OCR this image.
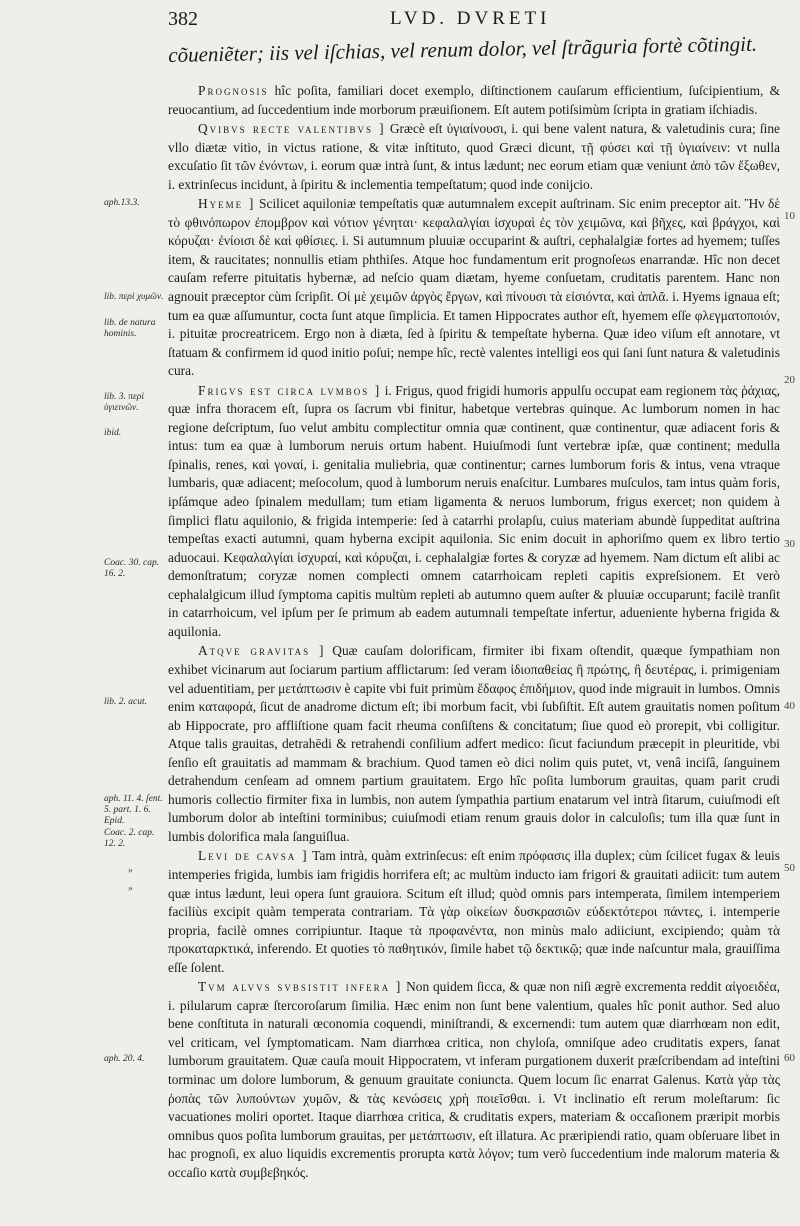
382	LVD. DVRETI
cõueniẽter; iis vel iſchias, vel renum dolor, vel ſtrãguria fortè cõtingit.

Prognosis hîc poſita, familiari docet exemplo, diſtinctionem cauſarum efficientium, ſuſcipientium, & reuocantium, ad ſuccedentium inde morborum præuiſionem. Eſt autem potiſsimùm ſcripta in gratiam iſchiadis.

Qvibvs recte valentibvs ] Græcè eſt ὑγιαίνουσι, i. qui bene valent natura, & valetudinis cura; ſine vllo diætæ vitio, in victus ratione, & vitæ inſtituto, quod Græci dicunt, τῇ φύσει καὶ τῇ ὑγιαίνειν: vt nulla excuſatio ſit τῶν ἐνόντων, i. eorum quæ intrà ſunt, & intus lædunt; nec eorum etiam quæ veniunt ἀπὸ τῶν ἔξωθεν, i. extrinſecus incidunt, à ſpiritu & inclementia tempeſtatum; quod inde conijcio.

Hyeme ] Scilicet aquiloniæ tempeſtatis quæ autumnalem excepit auſtrinam. Sic enim preceptor ait. Ἢν δὲ τὸ φθινόπωρον ἐπομβρον καὶ νότιον γένηται· κεφαλαλγίαι ἰσχυραὶ ἐς τὸν χειμῶνα, καὶ βῆχες, καὶ βράγχοι, καὶ κόρυζαι· ἐνίοισι δὲ καὶ φθίσιες. i. Si autumnum pluuiæ occuparint & auſtri, cephalalgiæ fortes ad hyemem; tuſſes item, & raucitates; nonnullis etiam phthiſes. Atque hoc fundamentum erit prognoſeωs enarrandæ. Hîc non decet cauſam referre pituitatis hybernæ, ad neſcio quam diætam, hyeme conſuetam, cruditatis parentem. Hanc non agnouit præceptor cùm ſcripſit. Οἱ μὲ χειμῶν ἀργὸς ἔργων, καὶ πίνουσι τὰ εἰσιόντα, καὶ ἁπλᾶ. i. Hyems ignaua eſt; tum ea quæ aſſumuntur, cocta ſunt atque ſimplicia. Et tamen Hippocrates author eſt, hyemem eſſe φλεγματοποιόν, i. pituitæ procreatricem. Ergo non à diæta, ſed à ſpiritu & tempeſtate hyberna. Quæ ideo viſum eſt annotare, vt ſtatuam & confirmem id quod initio poſui; nempe hîc, rectè valentes intelligi eos qui ſani ſunt natura & valetudinis cura.

Frigvs est circa lvmbos ] i. Frigus, quod frigidi humoris appulſu occupat eam regionem τὰς ῥάχιας, quæ infra thoracem eſt, ſupra os ſacrum vbi finitur, habetque vertebras quinque. Ac lumborum nomen in hac regione deſcriptum, ſuo velut ambitu complectitur omnia quæ continent, quæ continentur, quæ adiacent foris & intus: tum ea quæ à lumborum neruis ortum habent. Huiuſmodi ſunt vertebræ ipſæ, quæ continent; medulla ſpinalis, renes, καὶ γοναί, i. genitalia muliebria, quæ continentur; carnes lumborum foris & intus, vena vtraque lumbaris, quæ adiacent; meſocolum, quod à lumborum neruis enaſcitur. Lumbares muſculos, tam intus quàm foris, ipſámque adeo ſpinalem medullam; tum etiam ligamenta & neruos lumborum, frigus exercet; non quidem à ſimplici flatu aquilonio, & frigida intemperie: ſed à catarrhi prolapſu, cuius materiam abundè ſuppeditat auſtrina tempeſtas exacti autumni, quam hyberna excipit aquilonia. Sic enim docuit in aphoriſmo quem ex libro tertio aduocaui. Κεφαλαλγίαι ἰσχυραί, καὶ κόρυζαι, i. cephalalgiæ fortes & coryzæ ad hyemem. Nam dictum eſt alibi ac demonſtratum; coryzæ nomen complecti omnem catarrhoicam repleti capitis expreſsionem. Et verò cephalalgicum illud ſymptoma capitis multùm repleti ab autumno quem auſter & pluuiæ occuparunt; facilè tranſit in catarrhoicum, vel ipſum per ſe primum ab eadem autumnali tempeſtate infertur, adueniente hyberna frigida & aquilonia.

Atqve gravitas ] Quæ cauſam dolorificam, firmiter ibi fixam oſtendit, quæque ſympathiam non exhibet vicinarum aut ſociarum partium afflictarum: ſed veram ἰδιοπαθείας ἢ πρώτης, ἢ δευτέρας, i. primigeniam vel aduentitiam, per μετάπτωσιν è capite vbi fuit primùm ἔδαφος ἐπιδήμιον, quod inde migrauit in lumbos. Omnis enim καταφορά, ſicut de anadrome dictum eſt; ibi morbum facit, vbi ſubſiſtit. Eſt autem grauitatis nomen poſitum ab Hippocrate, pro affliſtione quam facit rheuma conſiſtens & concitatum; ſiue quod eò prorepit, vbi colligitur. Atque talis grauitas, detrahēdi & retrahendi conſilium adfert medico: ſicut faciundum præcepit in pleuritide, vbi ſenſio eſt grauitatis ad mammam & brachium. Quod tamen eò dici nolim quis putet, vt, venâ inciſâ, ſanguinem detrahendum cenſeam ad omnem partium grauitatem. Ergo hîc poſita lumborum grauitas, quam parit crudi humoris collectio firmiter fixa in lumbis, non autem ſympathia partium enatarum vel intrà ſitarum, cuiuſmodi eſt lumborum dolor ab inteſtini torminibus; cuiuſmodi etiam renum grauis dolor in calculoſis; tum illa quæ ſunt in lumbis dolorifica mala ſanguiſlua.

Levi de cavsa ] Tam intrà, quàm extrinſecus: eſt enim πρόφασις illa duplex; cùm ſcilicet fugax & leuis intemperies frigida, lumbis iam frigidis horrifera eſt; ac multùm inducto iam frigori & grauitati adiicit: tum autem quæ intus lædunt, leui opera ſunt grauiora. Scitum eſt illud; quòd omnis pars intemperata, ſimilem intemperiem faciliùs excipit quàm temperata contrariam. Τὰ γὰρ οἰκείων δυσκρασιῶν εὐδεκτότεροι πάντες, i. intemperie propria, facilè omnes corripiuntur. Itaque τὰ προφανέντα, non minùs malo adiiciunt, excipiendo; quàm τὰ προκαταρκτικά, inferendo. Et quoties τὸ παθητικόν, ſimile habet τῷ δεκτικῷ; quæ inde naſcuntur mala, grauiſſima eſſe ſolent.

Tvm alvvs svbsistit infera ] Non quidem ſicca, & quæ non niſi ægrè excrementa reddit αἰγοειδέα, i. pilularum capræ ſtercoroſarum ſimilia. Hæc enim non ſunt bene valentium, quales hîc ponit author. Sed aluo bene conſtituta in naturali œconomia coquendi, miniſtrandi, & excernendi: tum autem quæ diarrhœam non edit, vel criticam, vel ſymptomaticam. Nam diarrhœa critica, non chyloſa, omniſque adeo cruditatis expers, ſanat lumborum grauitatem. Quæ cauſa mouit Hippocratem, vt inferam purgationem duxerit præſcribendam ad inteſtini torminac um dolore lumborum, & genuum grauitate coniuncta. Quem locum ſic enarrat Galenus. Κατὰ γὰρ τὰς ῥοπὰς τῶν λυπούντων χυμῶν, & τὰς κενώσεις χρὴ ποιεῖσθαι. i. Vt inclinatio eſt rerum moleſtarum: ſic vacuationes moliri oportet. Itaque diarrhœa critica, & cruditatis expers, materiam & occaſionem præripit morbis omnibus quos poſita lumborum grauitas, per μετάπτωσιν, eſt illatura. Ac præripiendi ratio, quam obſeruare libet in hac prognoſi, ex aluo liquidis excrementis prorupta κατὰ λόγον; tum verò ſuccedentium inde malorum materia & occaſio κατὰ συμβεβηκός.

aph.13.3.
lib. περὶ χυμῶν.
lib. de natura hominis.
lib. 3. περὶ ὑγιεινῶν.
ibid.
Coac. 30. cap. 16. 2.
lib. 2. acut.
aph. 11. 4. ſent. 5. part. 1. 6. Epid.
Coac. 2. cap. 12. 2.
»
»
aph. 20. 4.
10
20
30
40
50
60
